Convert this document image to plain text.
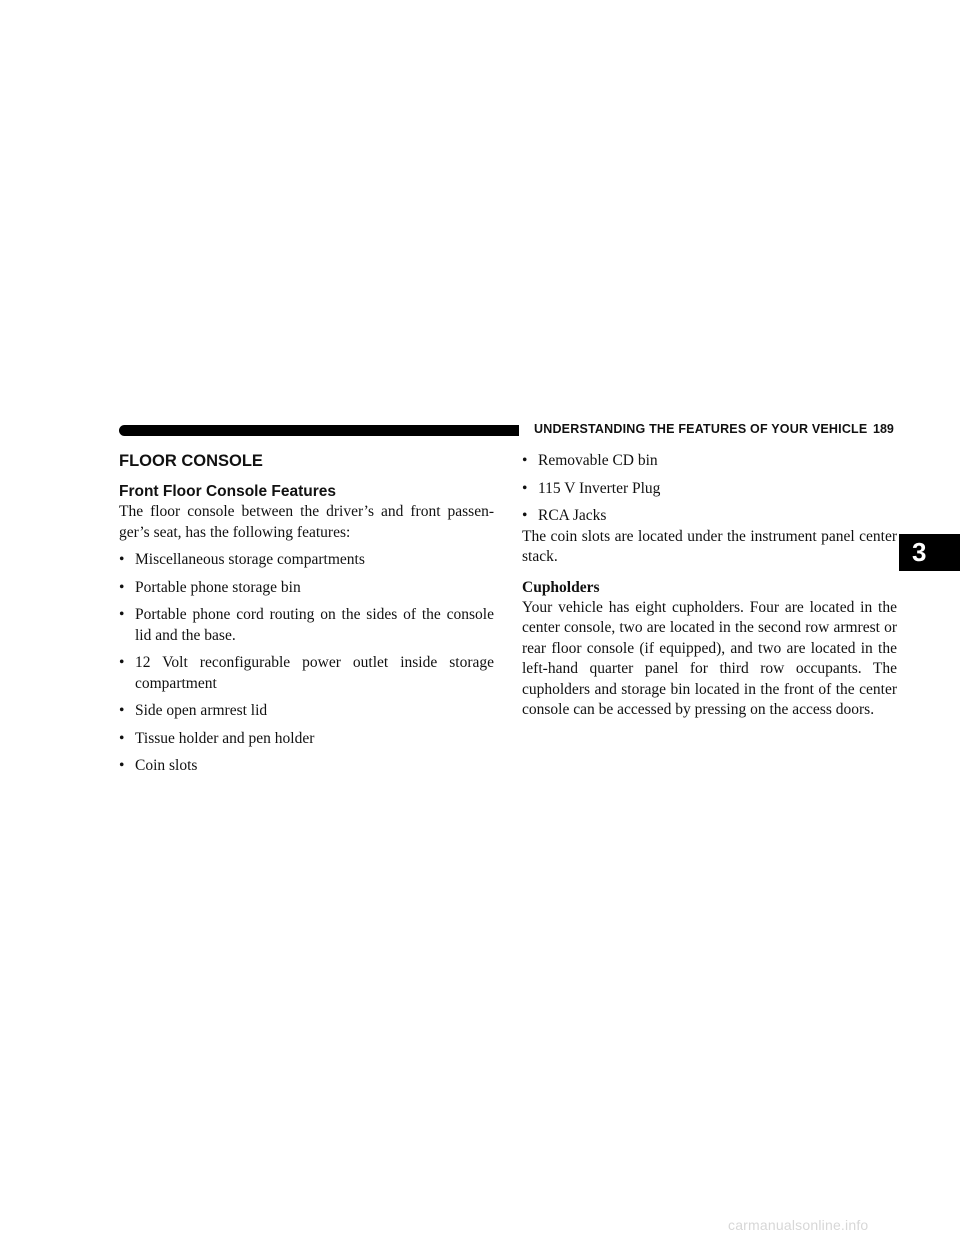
UNDERSTANDING THE FEATURES OF YOUR VEHICLE 189
FLOOR CONSOLE
Front Floor Console Features

The floor console between the driver’s and front passen-ger’s seat, has the following features:

• Miscellaneous storage compartments
• Portable phone storage bin
• Portable phone cord routing on the sides of the console lid and the base.
• 12 Volt reconfigurable power outlet inside storage compartment
• Side open armrest lid
• Tissue holder and pen holder
• Coin slots
• Removable CD bin
• 115 V Inverter Plug
• RCA Jacks

The coin slots are located under the instrument panel center stack.

Cupholders

Your vehicle has eight cupholders. Four are located in the center console, two are located in the second row armrest or rear floor console (if equipped), and two are located in the left-hand quarter panel for third row occupants. The cupholders and storage bin located in the front of the center console can be accessed by pressing on the access doors.

3
carmanualsonline.info
